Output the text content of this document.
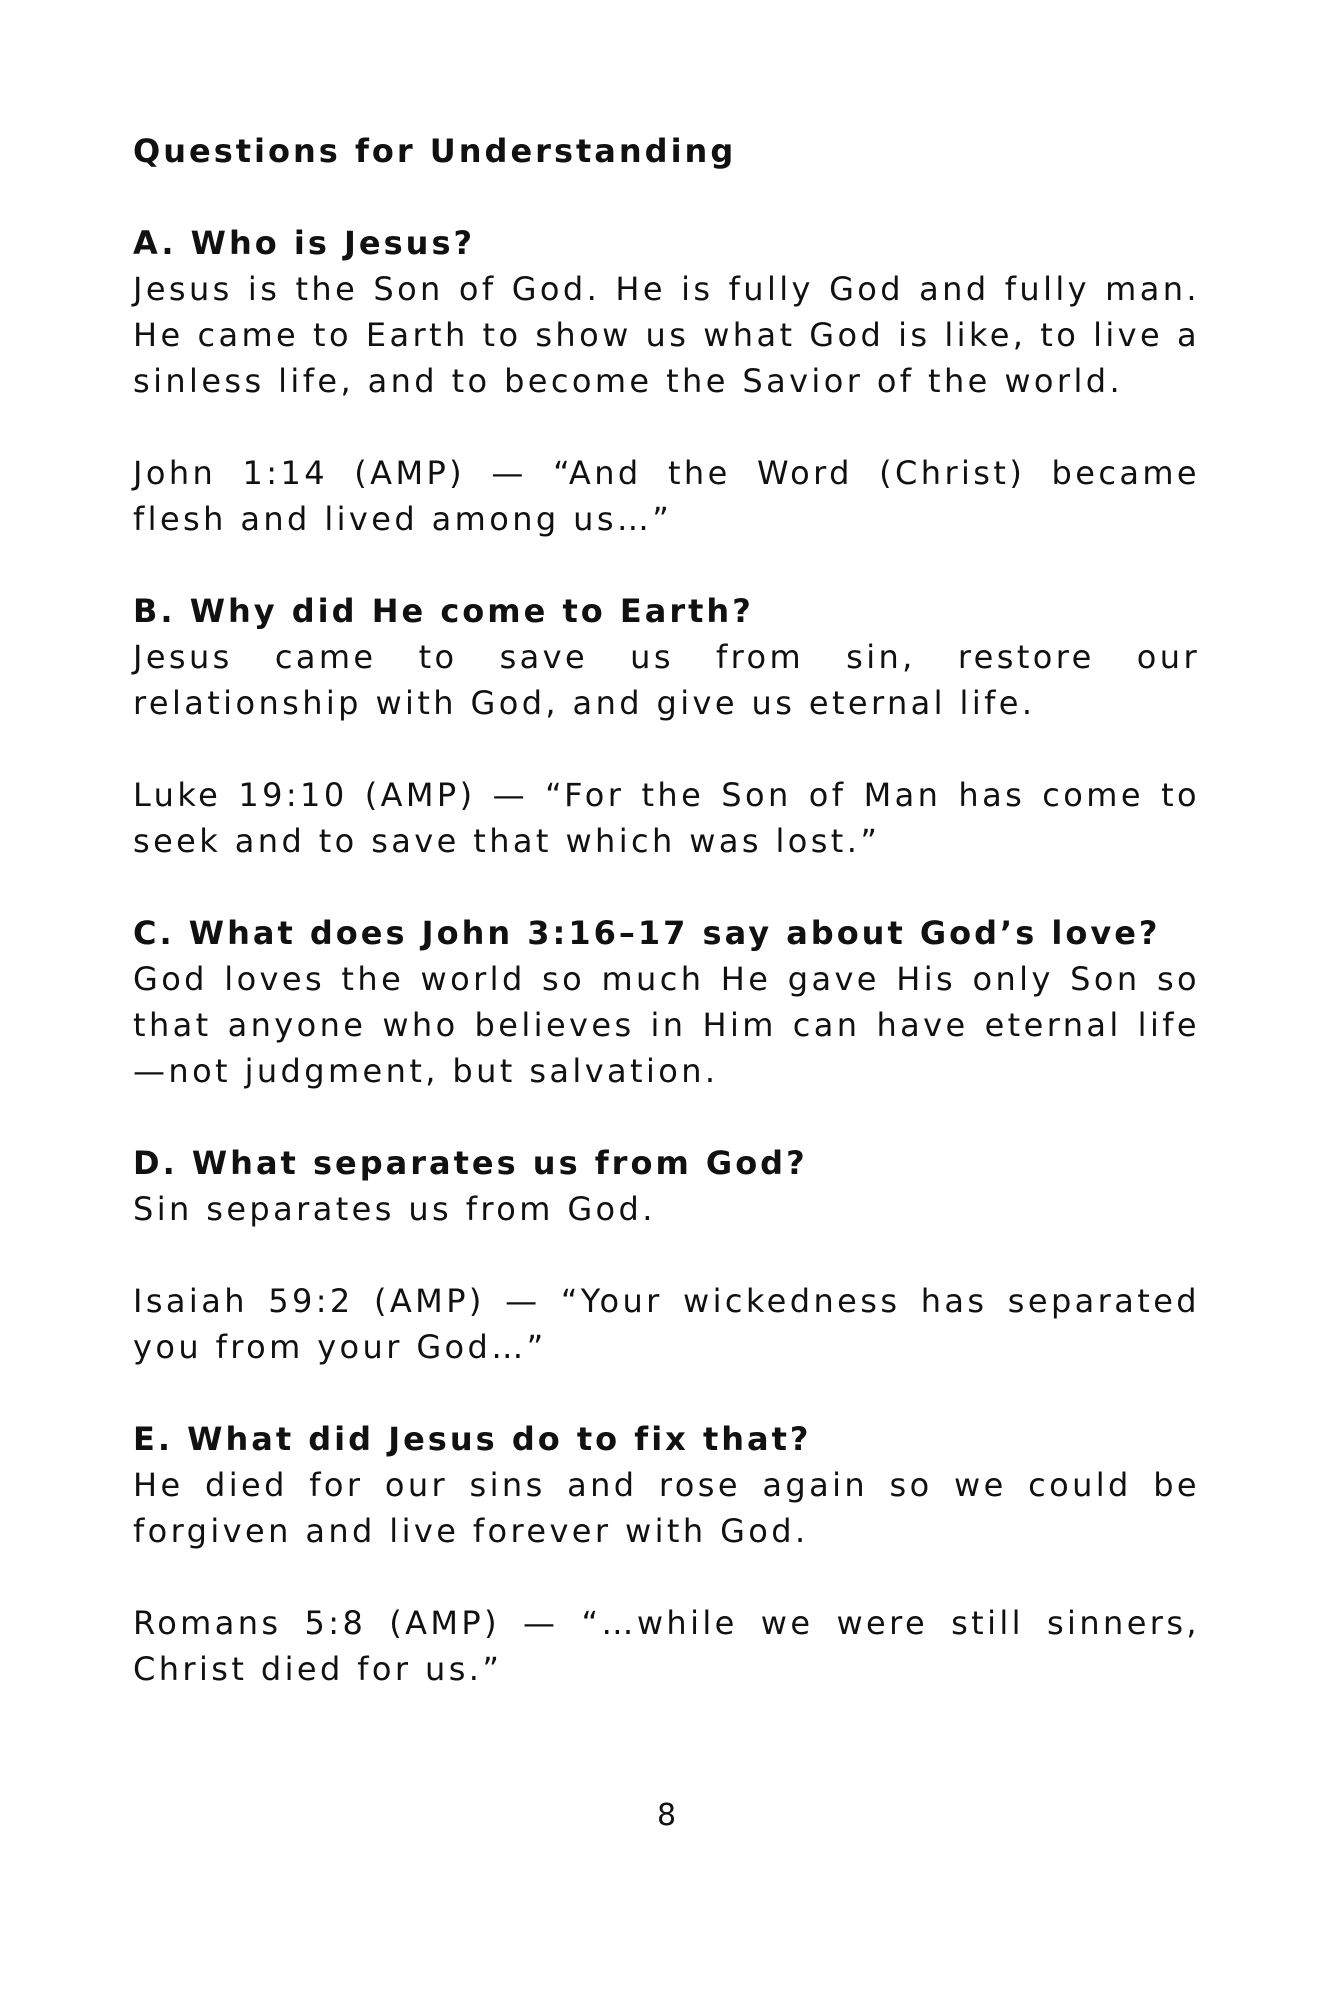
Questions for Understanding
A. Who is Jesus?
Jesus is the Son of God. He is fully God and fully man. He came to Earth to show us what God is like, to live a sinless life, and to become the Savior of the world.
John 1:14 (AMP) — “And the Word (Christ) became flesh and lived among us…”
B. Why did He come to Earth?
Jesus came to save us from sin, restore our relationship with God, and give us eternal life.
Luke 19:10 (AMP) — “For the Son of Man has come to seek and to save that which was lost.”
C. What does John 3:16–17 say about God’s love?
God loves the world so much He gave His only Son so that anyone who believes in Him can have eternal life—not judgment, but salvation.
D. What separates us from God?
Sin separates us from God.
Isaiah 59:2 (AMP) — “Your wickedness has separated you from your God…”
E. What did Jesus do to fix that?
He died for our sins and rose again so we could be forgiven and live forever with God.
Romans 5:8 (AMP) — “…while we were still sinners, Christ died for us.”
8
